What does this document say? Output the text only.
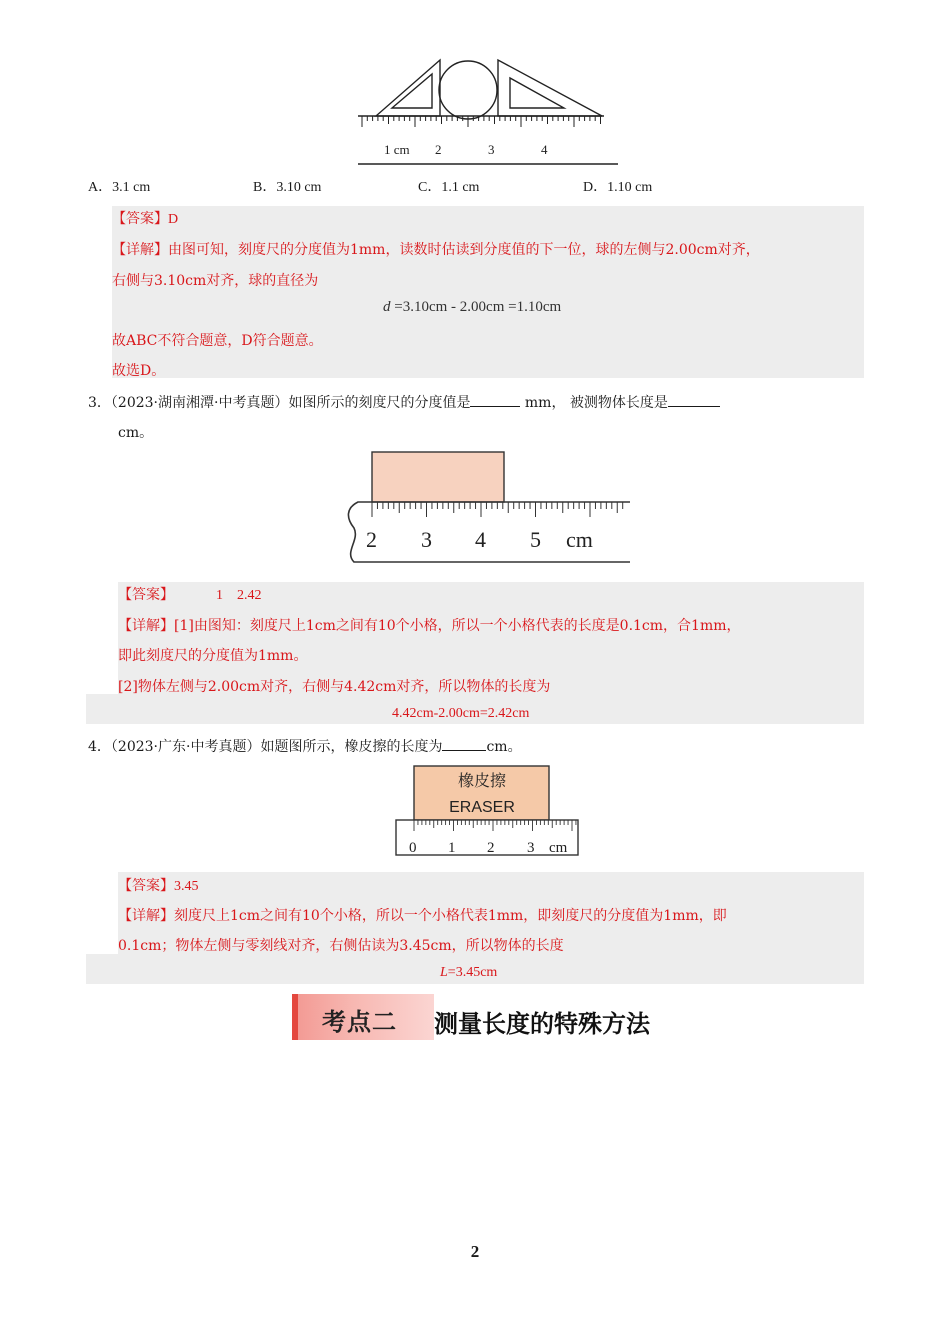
1 cm 2	3	4
A．3.1 cm	B．3.10 cm	C．1.1 cm	D．1.10 cm
【答案】D
【详解】由图可知，刻度尺的分度值为1mm，读数时估读到分度值的下一位，球的左侧与2.00cm对齐，
右侧与3.10cm对齐，球的直径为
d =3.10cm - 2.00cm =1.10cm
故ABC不符合题意，D符合题意。
故选D。
3．（2023·湖南湘潭·中考真题）如图所示的刻度尺的分度值是	mm， 被测物体长度是
cm。
2 3 4 5 cm
【答案】	1    2.42
【详解】[1]由图知：刻度尺上1cm之间有10个小格，所以一个小格代表的长度是0.1cm，合1mm，
即此刻度尺的分度值为1mm。
[2]物体左侧与2.00cm对齐，右侧与4.42cm对齐，所以物体的长度为
4.42cm-2.00cm=2.42cm
4．（2023·广东·中考真题）如题图所示，橡皮擦的长度为	cm。
橡皮擦
ERASER
0 1 2 3 cm
【答案】3.45
【详解】刻度尺上1cm之间有10个小格，所以一个小格代表1mm，即刻度尺的分度值为1mm，即
0.1cm；物体左侧与零刻线对齐，右侧估读为3.45cm，所以物体的长度
L=3.45cm
考点二 测量长度的特殊方法
2
